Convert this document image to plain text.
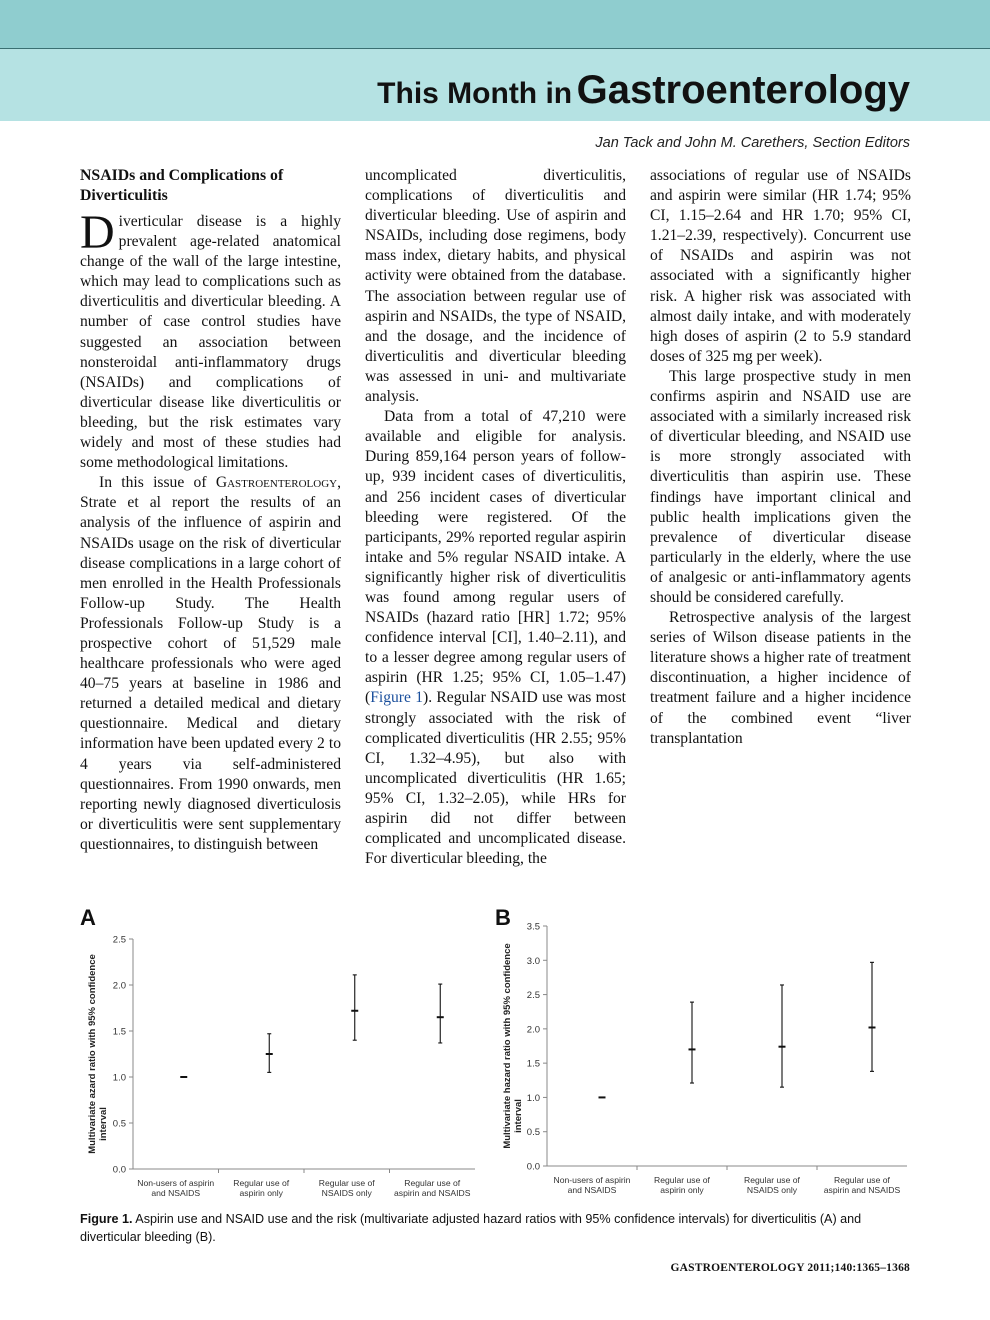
This Month in Gastroenterology
Jan Tack and John M. Carethers, Section Editors
NSAIDs and Complications of Diverticulitis

Diverticular disease is a highly prevalent age-related anatomical change of the wall of the large intestine, which may lead to complications such as diverticulitis and diverticular bleeding. A number of case control studies have suggested an association between nonsteroidal anti-inflammatory drugs (NSAIDs) and complications of diverticular disease like diverticulitis or bleeding, but the risk estimates vary widely and most of these studies had some methodological limitations.

In this issue of Gastroenterology, Strate et al report the results of an analysis of the influence of aspirin and NSAIDs usage on the risk of diverticular disease complications in a large cohort of men enrolled in the Health Professionals Follow-up Study. The Health Professionals Follow-up Study is a prospective cohort of 51,529 male healthcare professionals who were aged 40–75 years at baseline in 1986 and returned a detailed medical and dietary questionnaire. Medical and dietary information have been updated every 2 to 4 years via self-administered questionnaires. From 1990 onwards, men reporting newly diagnosed diverticulosis or diverticulitis were sent supplementary questionnaires, to distinguish between

uncomplicated diverticulitis, complications of diverticulitis and diverticular bleeding. Use of aspirin and NSAIDs, including dose regimens, body mass index, dietary habits, and physical activity were obtained from the database. The association between regular use of aspirin and NSAIDs, the type of NSAID, and the dosage, and the incidence of diverticulitis and diverticular bleeding was assessed in uni- and multivariate analysis.

Data from a total of 47,210 were available and eligible for analysis. During 859,164 person years of follow-up, 939 incident cases of diverticulitis, and 256 incident cases of diverticular bleeding were registered. Of the participants, 29% reported regular aspirin intake and 5% regular NSAID intake. A significantly higher risk of diverticulitis was found among regular users of NSAIDs (hazard ratio [HR] 1.72; 95% confidence interval [CI], 1.40–2.11), and to a lesser degree among regular users of aspirin (HR 1.25; 95% CI, 1.05–1.47) (Figure 1). Regular NSAID use was most strongly associated with the risk of complicated diverticulitis (HR 2.55; 95% CI, 1.32–4.95), but also with uncomplicated diverticulitis (HR 1.65; 95% CI, 1.32–2.05), while HRs for aspirin did not differ between complicated and uncomplicated disease. For diverticular bleeding, the

associations of regular use of NSAIDs and aspirin were similar (HR 1.74; 95% CI, 1.15–2.64 and HR 1.70; 95% CI, 1.21–2.39, respectively). Concurrent use of NSAIDs and aspirin was not associated with a significantly higher risk. A higher risk was associated with almost daily intake, and with moderately high doses of aspirin (2 to 5.9 standard doses of 325 mg per week).

This large prospective study in men confirms aspirin and NSAID use are associated with a similarly increased risk of diverticular bleeding, and NSAID use is more strongly associated with diverticulitis than aspirin use. These findings have important clinical and public health implications given the prevalence of diverticular disease particularly in the elderly, where the use of analgesic or anti-inflammatory agents should be considered carefully.

Retrospective analysis of the largest series of Wilson disease patients in the literature shows a higher rate of treatment discontinuation, a higher incidence of treatment failure and a higher incidence of the combined event “liver transplantation

A
0.0
0.5
1.0
1.5
2.0
2.5
Multivariate azard ratio with 95% confidenceinterval
Non-users of aspirin
and NSAIDS
Regular use of
aspirin only
Regular use of
NSAIDS only
Regular use of
aspirin and NSAIDS
B
0.0
0.5
1.0
1.5
2.0
2.5
3.0
3.5
Multivariate hazard ratio with 95% confidenceinterval
Non-users of aspirin
and NSAIDS
Regular use of
aspirin only
Regular use of
NSAIDS only
Regular use of
aspirin and NSAIDS
Figure 1. Aspirin use and NSAID use and the risk (multivariate adjusted hazard ratios with 95% confidence intervals) for diverticulitis (A) and diverticular bleeding (B).
GASTROENTEROLOGY 2011;140:1365–1368
